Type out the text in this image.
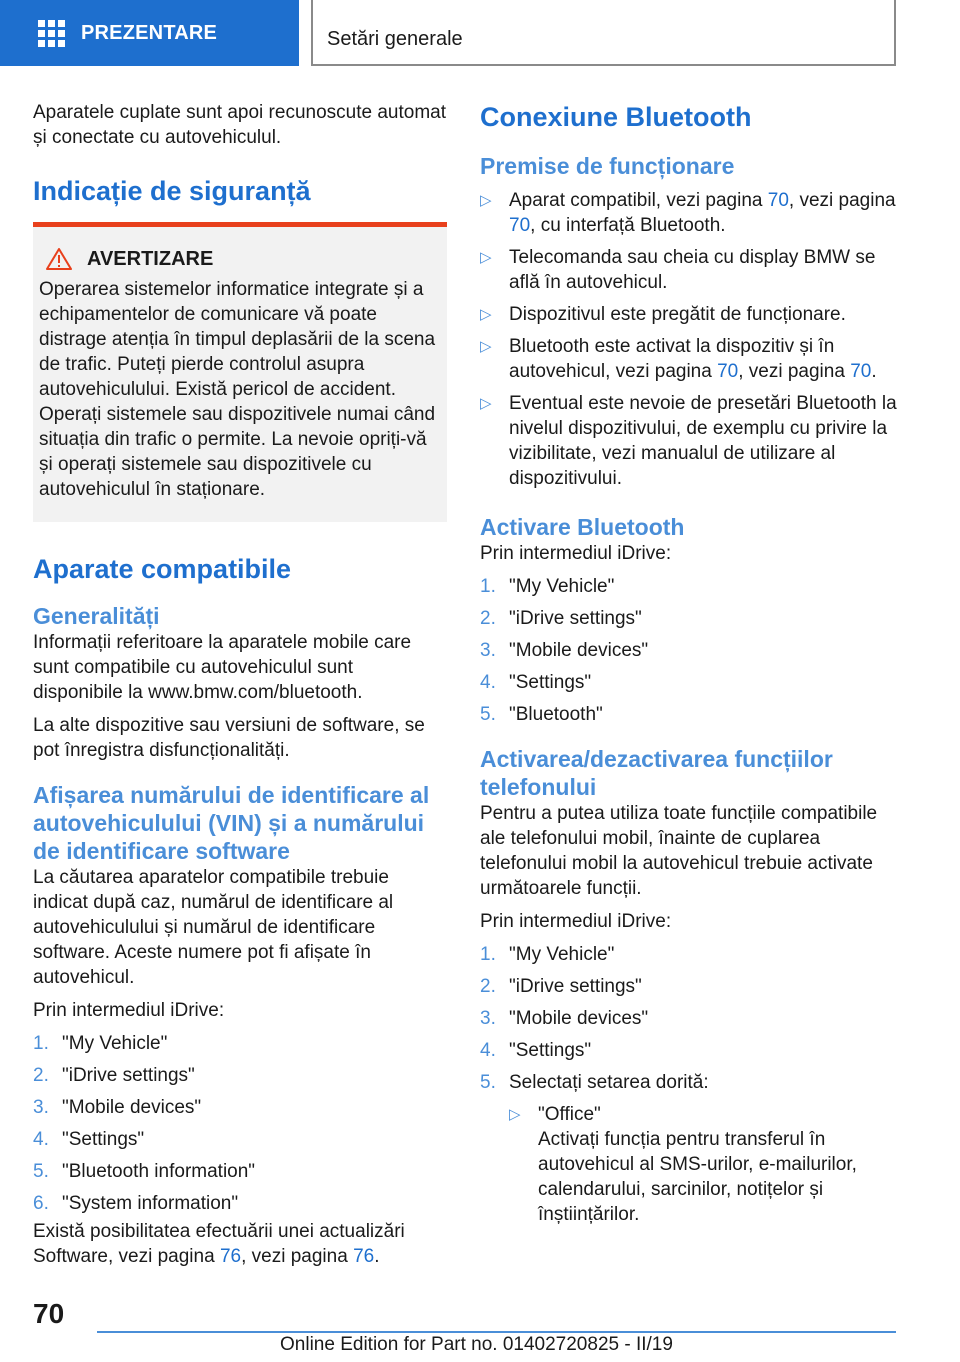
PREZENTARE	Setări generale

Aparatele cuplate sunt apoi recunoscute automat și conectate cu autovehiculul.

Indicație de siguranță
AVERTIZARE

Operarea sistemelor informatice integrate și a echipamentelor de comunicare vă poate distrage atenția în timpul deplasării de la scena de trafic. Puteți pierde controlul asupra autovehiculului. Există pericol de accident. Operați sistemele sau dispozitivele numai când situația din trafic o permite. La nevoie opriți-vă și operați sistemele sau dispozitivele cu autovehiculul în staționare.

Aparate compatibile
Generalități

Informații referitoare la aparatele mobile care sunt compatibile cu autovehiculul sunt disponibile la www.bmw.com/bluetooth.

La alte dispozitive sau versiuni de software, se pot înregistra disfuncționalități.

Afișarea numărului de identificare al autovehiculului (VIN) și a numărului de identificare software

La căutarea aparatelor compatibile trebuie indicat după caz, numărul de identificare al autovehiculului și numărul de identificare software. Aceste numere pot fi afișate în autovehicul.

Prin intermediul iDrive:

1. "My Vehicle"
2. "iDrive settings"
3. "Mobile devices"
4. "Settings"
5. "Bluetooth information"
6. "System information"

Există posibilitatea efectuării unei actualizări Software, vezi pagina 76, vezi pagina 76.

Conexiune Bluetooth
Premise de funcționare
▷ Aparat compatibil, vezi pagina 70, vezi pagina 70, cu interfață Bluetooth.
▷ Telecomanda sau cheia cu display BMW se află în autovehicul.
▷ Dispozitivul este pregătit de funcționare.
▷ Bluetooth este activat la dispozitiv și în autovehicul, vezi pagina 70, vezi pagina 70.
▷ Eventual este nevoie de presetări Bluetooth la nivelul dispozitivului, de exemplu cu privire la vizibilitate, vezi manualul de utilizare al dispozitivului.
Activare Bluetooth

Prin intermediul iDrive:

1. "My Vehicle"
2. "iDrive settings"
3. "Mobile devices"
4. "Settings"
5. "Bluetooth"
Activarea/dezactivarea funcțiilor telefonului

Pentru a putea utiliza toate funcțiile compatibile ale telefonului mobil, înainte de cuplarea telefonului mobil la autovehicul trebuie activate următoarele funcții.

Prin intermediul iDrive:

1. "My Vehicle"
2. "iDrive settings"
3. "Mobile devices"
4. "Settings"
5. Selectați setarea dorită:
▷ "Office"
Activați funcția pentru transferul în autovehicul al SMS-urilor, e-mailurilor, calendarului, sarcinilor, notițelor și înștiințărilor.
70
Online Edition for Part no. 01402720825 - II/19
